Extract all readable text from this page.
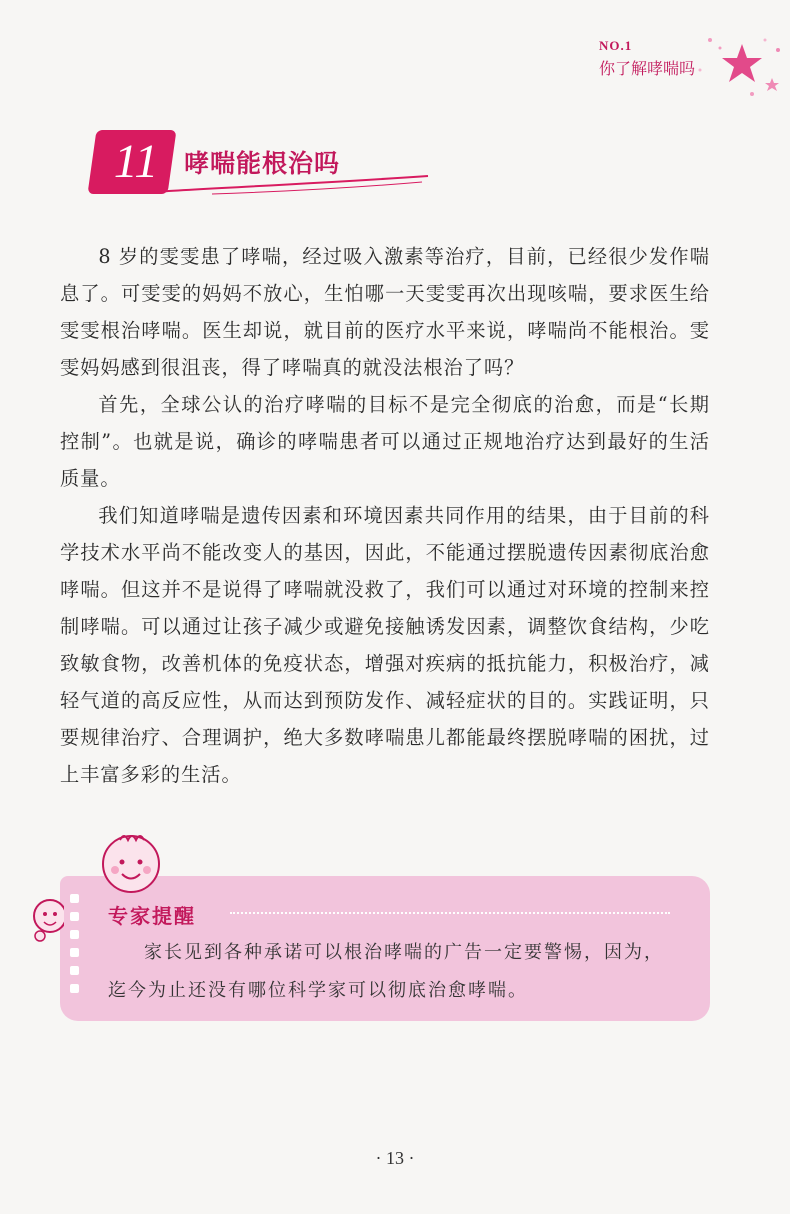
NO.1
你了解哮喘吗
11	哮喘能根治吗

8 岁的雯雯患了哮喘，经过吸入激素等治疗，目前，已经很少发作喘息了。可雯雯的妈妈不放心，生怕哪一天雯雯再次出现咳喘，要求医生给雯雯根治哮喘。医生却说，就目前的医疗水平来说，哮喘尚不能根治。雯雯妈妈感到很沮丧，得了哮喘真的就没法根治了吗？

首先，全球公认的治疗哮喘的目标不是完全彻底的治愈，而是“长期控制”。也就是说，确诊的哮喘患者可以通过正规地治疗达到最好的生活质量。

我们知道哮喘是遗传因素和环境因素共同作用的结果，由于目前的科学技术水平尚不能改变人的基因，因此，不能通过摆脱遗传因素彻底治愈哮喘。但这并不是说得了哮喘就没救了，我们可以通过对环境的控制来控制哮喘。可以通过让孩子减少或避免接触诱发因素，调整饮食结构，少吃致敏食物，改善机体的免疫状态，增强对疾病的抵抗能力，积极治疗，减轻气道的高反应性，从而达到预防发作、减轻症状的目的。实践证明，只要规律治疗、合理调护，绝大多数哮喘患儿都能最终摆脱哮喘的困扰，过上丰富多彩的生活。

专家提醒

家长见到各种承诺可以根治哮喘的广告一定要警惕，因为，

迄今为止还没有哪位科学家可以彻底治愈哮喘。

· 13 ·
